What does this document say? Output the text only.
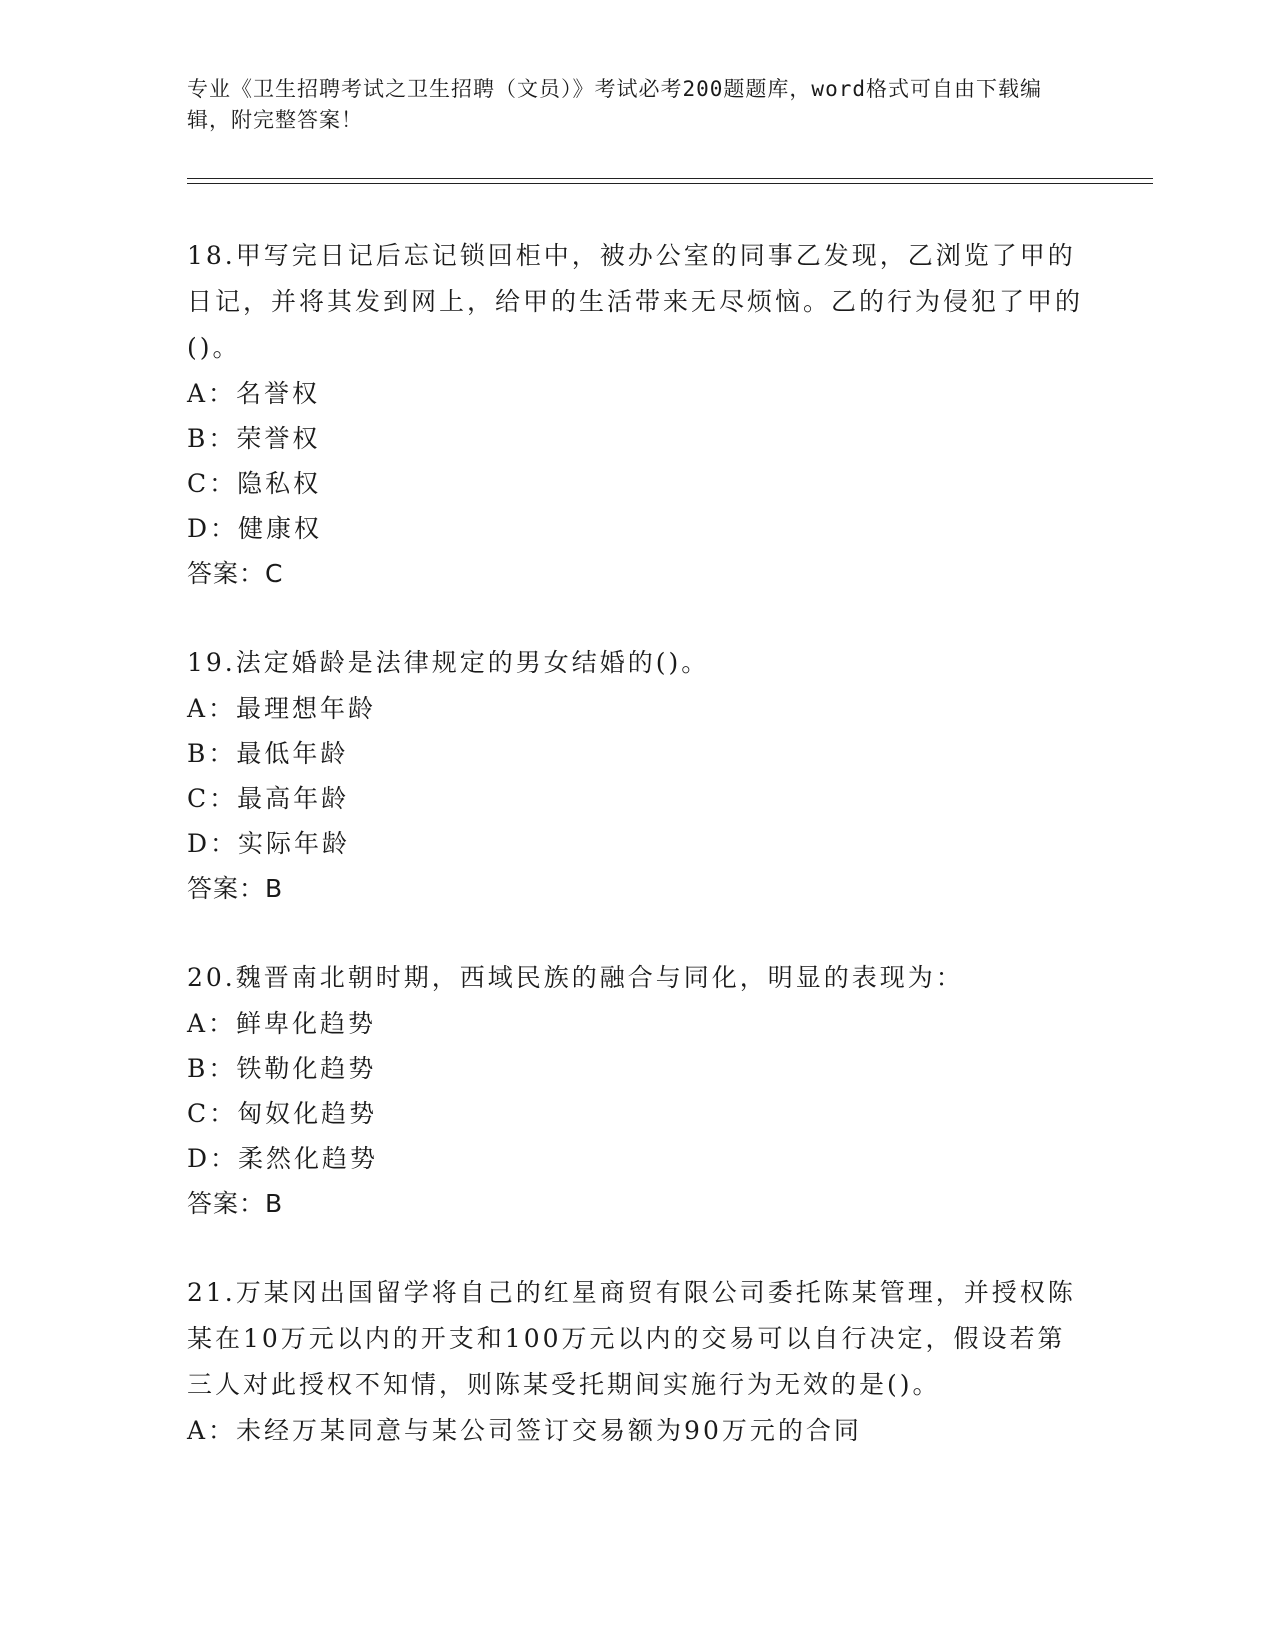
专业《卫生招聘考试之卫生招聘（文员）》考试必考200题题库，word格式可自由下载编辑，附完整答案！
18.甲写完日记后忘记锁回柜中，被办公室的同事乙发现，乙浏览了甲的日记，并将其发到网上，给甲的生活带来无尽烦恼。乙的行为侵犯了甲的()。
A：名誉权
B：荣誉权
C：隐私权
D：健康权
答案：C
19.法定婚龄是法律规定的男女结婚的()。
A：最理想年龄
B：最低年龄
C：最高年龄
D：实际年龄
答案：B
20.魏晋南北朝时期，西域民族的融合与同化，明显的表现为：
A：鲜卑化趋势
B：铁勒化趋势
C：匈奴化趋势
D：柔然化趋势
答案：B
21.万某冈出国留学将自己的红星商贸有限公司委托陈某管理，并授权陈某在10万元以内的开支和100万元以内的交易可以自行决定，假设若第三人对此授权不知情，则陈某受托期间实施行为无效的是()。
A：未经万某同意与某公司签订交易额为90万元的合同
